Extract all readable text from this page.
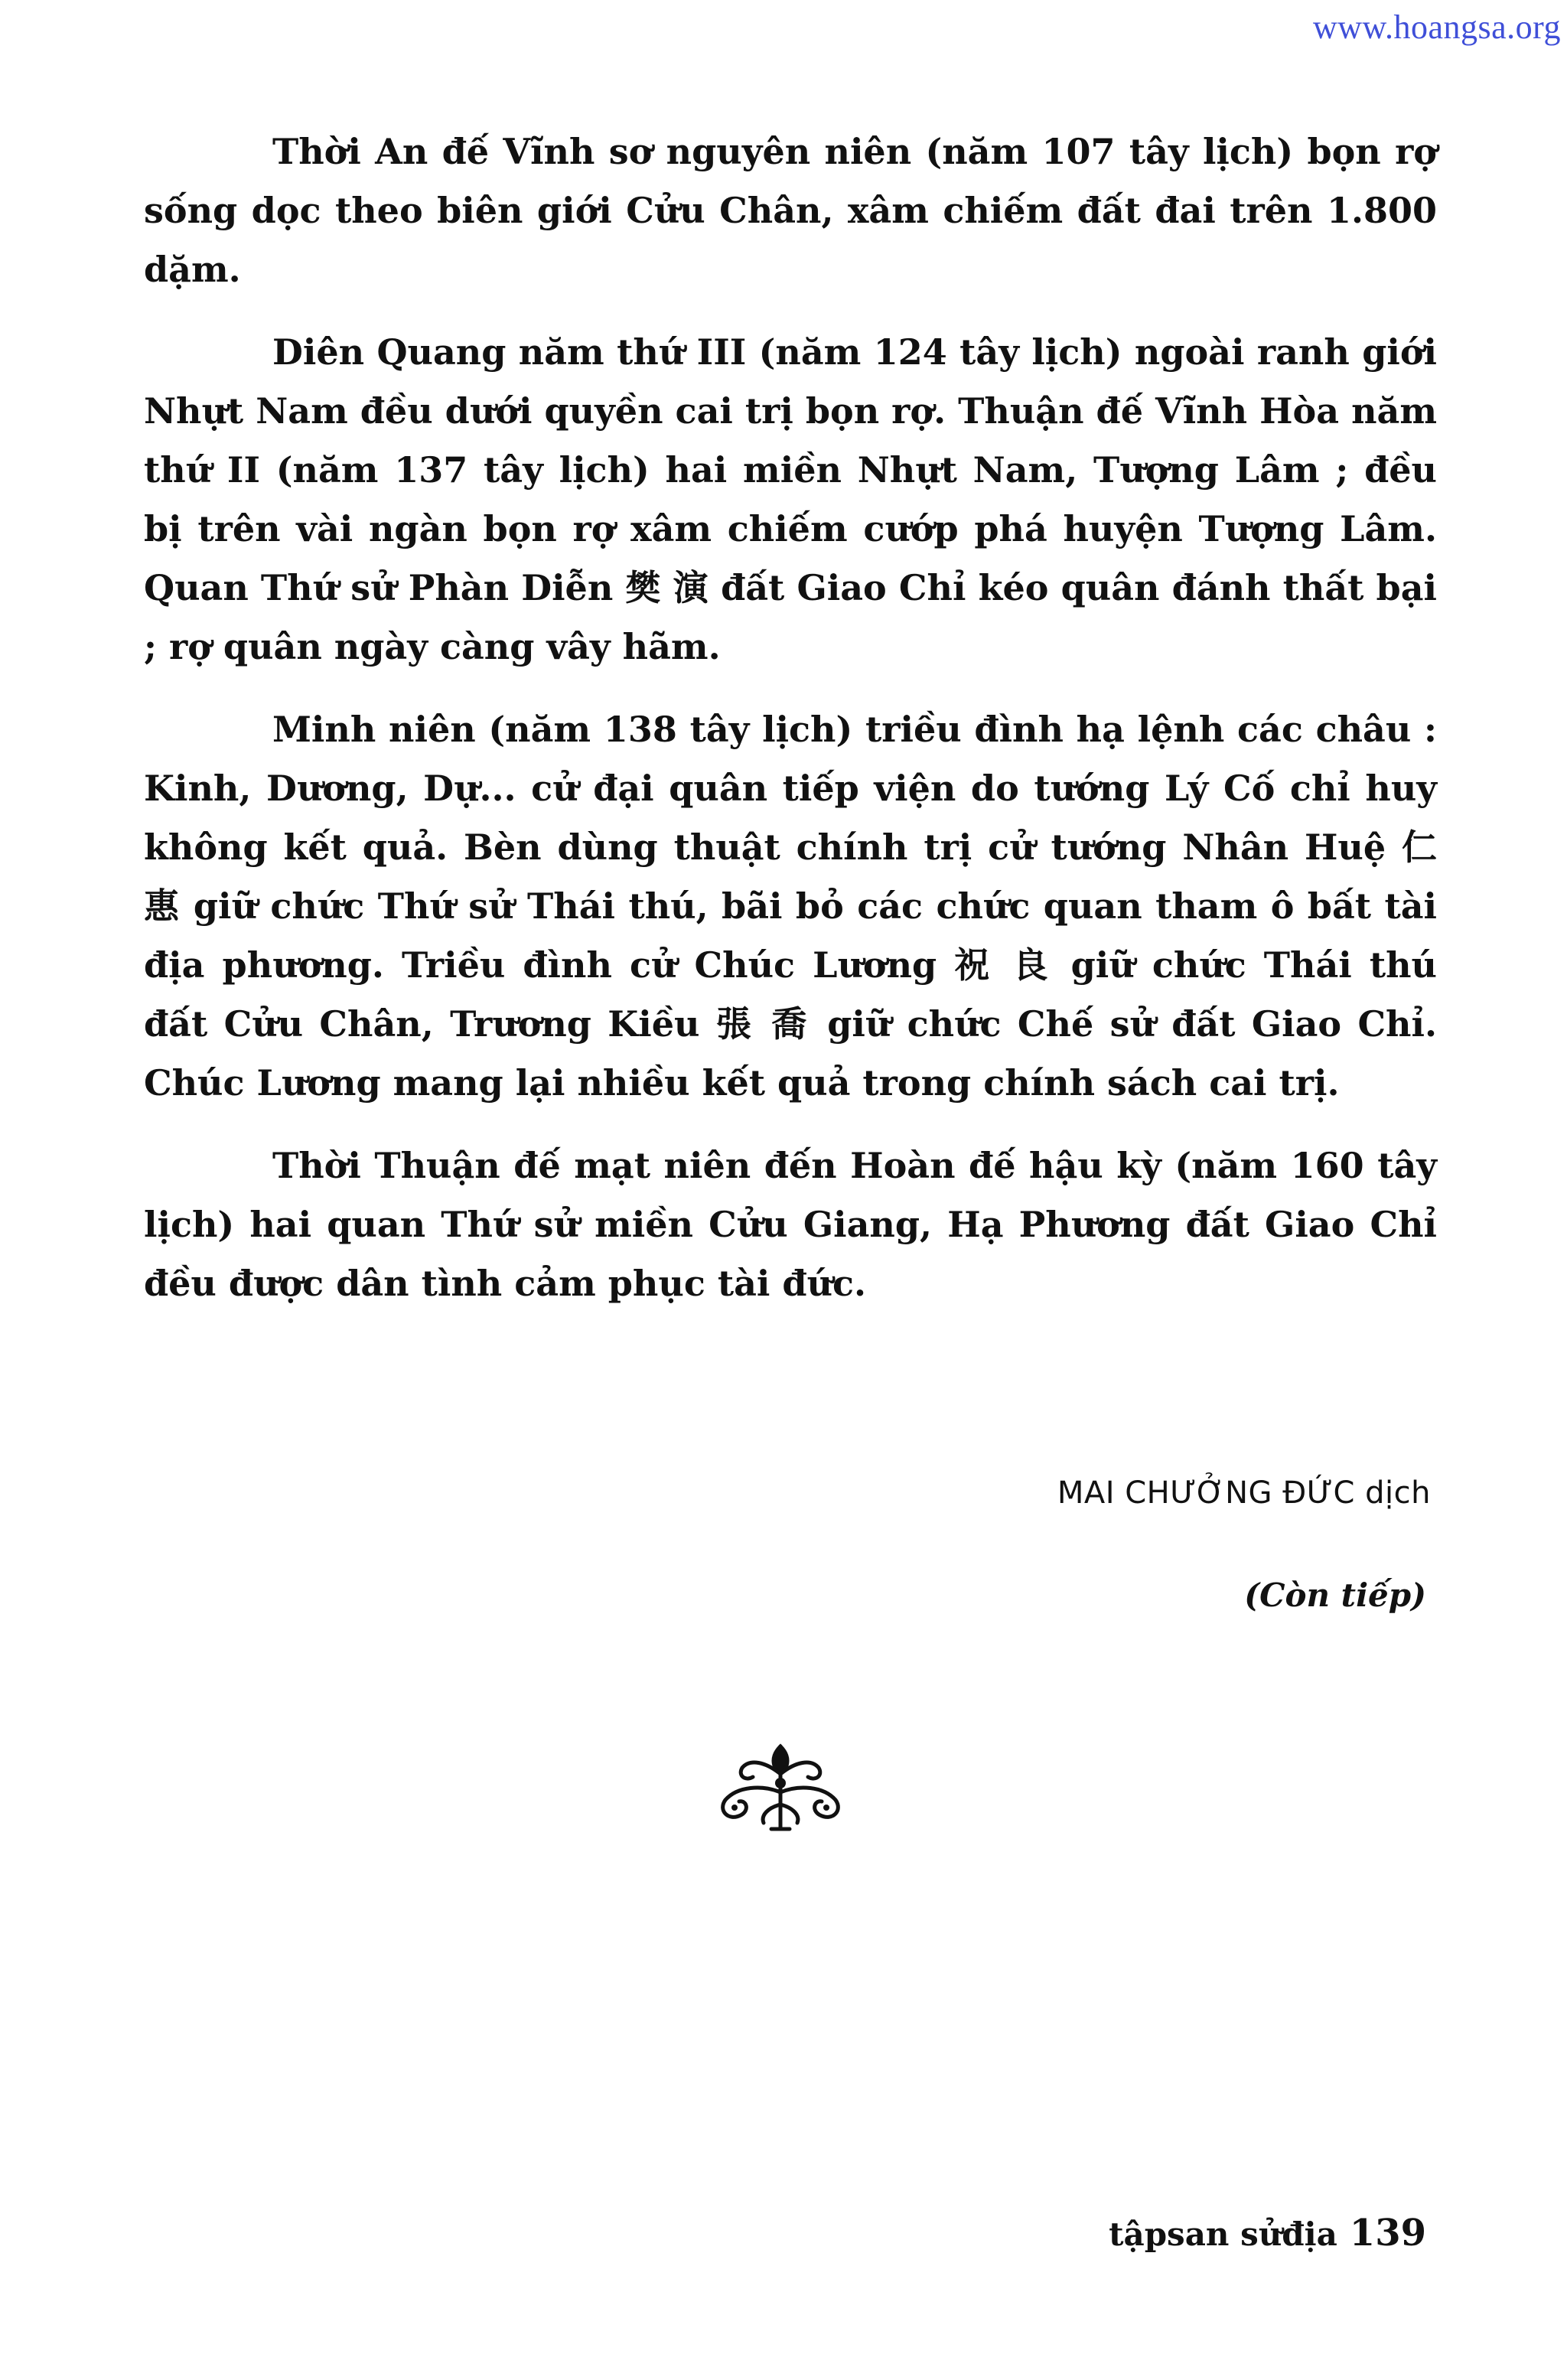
www.hoangsa.org

Thời An đế Vĩnh sơ nguyên niên (năm 107 tây lịch) bọn rợ sống dọc theo biên giới Cửu Chân, xâm chiếm đất đai trên 1.800 dặm.

Diên Quang năm thứ III (năm 124 tây lịch) ngoài ranh giới Nhựt Nam đều dưới quyền cai trị bọn rợ. Thuận đế Vĩnh Hòa năm thứ II (năm 137 tây lịch) hai miền Nhựt Nam, Tượng Lâm ; đều bị trên vài ngàn bọn rợ xâm chiếm cướp phá huyện Tượng Lâm. Quan Thứ sử Phàn Diễn 樊 演 đất Giao Chỉ kéo quân đánh thất bại ; rợ quân ngày càng vây hãm.

Minh niên (năm 138 tây lịch) triều đình hạ lệnh các châu : Kinh, Dương, Dự... cử đại quân tiếp viện do tướng Lý Cố chỉ huy không kết quả. Bèn dùng thuật chính trị cử tướng Nhân Huệ 仁 惠 giữ chức Thứ sử Thái thú, bãi bỏ các chức quan tham ô bất tài địa phương. Triều đình cử Chúc Lương 祝 良 giữ chức Thái thú đất Cửu Chân, Trương Kiều 張 喬 giữ chức Chế sử đất Giao Chỉ. Chúc Lương mang lại nhiều kết quả trong chính sách cai trị.

Thời Thuận đế mạt niên đến Hoàn đế hậu kỳ (năm 160 tây lịch) hai quan Thứ sử miền Cửu Giang, Hạ Phương đất Giao Chỉ đều được dân tình cảm phục tài đức.

MAI CHƯỞNG ĐỨC dịch
(Còn tiếp)
tậpsan sửđịa 139
